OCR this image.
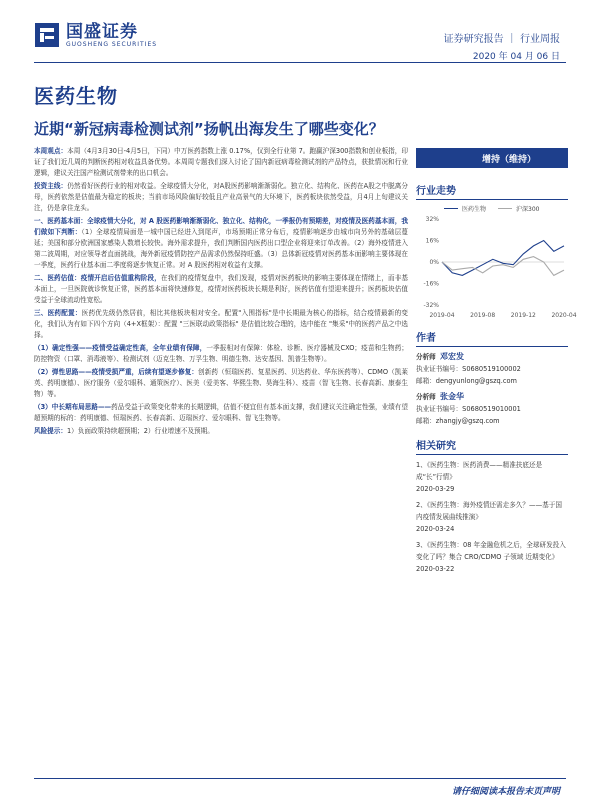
国盛证券
GUOSHENG SECURITIES	证券研究报告 ｜ 行业周报
2020 年 04 月 06 日
医药生物
近期“新冠病毒检测试剂”扬帆出海发生了哪些变化？

本周观点：本周（4月3月30日-4月5日，下同）中万医药指数上涨 0.17%，仅到全行业第 7。跑赢沪深300指数和创业板指，印证了我们近几周的判断医药相对收益具备优势。本周周专题我们深入讨论了国内新冠病毒检测试剂的产品特点，获批情况和行业逻辑，建议关注国产检测试剂带来的出口机会。

投资主线：仍然看好医药行业的相对收益。全球疫情大分化，对A股医药影响渐渐弱化。独立化、结构化、医药在A股之中脱离分母，医药依然是估值最为稳定的板块；当前市场风险偏好较低且产业高景气的大环境下，医药板块依然受益，月4月上旬建议关注，仍是拿住龙头。

一、医药基本面：全球疫情大分化，对 A 股医药影响渐渐弱化、独立化、结构化，一季报仍有预期差，对疫情及医药基本面，我们做如下判断：（1）全球疫情局面是一城中国已经进入到尾声，市场预期正常分布后，疫情影响逐步由城市向另外的基础层蔓延；美国和部分欧洲国家感染人数增长较快。海外需求提升，我们判断国内医药出口型企业将迎来订单改善。（2）海外疫情进入第二波周期，对应领导者直面挑战，海外新冠疫情防控产品需求仍然保持旺盛。（3）总体新冠疫情对医药基本面影响主要体现在一季度，医药行业基本面二季度将逐步恢复正常。对 A 股医药相对收益有支撑。

二、医药估值：疫情开启后估值重构阶段，在我们的疫情复盘中，我们发现，疫情对医药板块的影响主要体现在情绪上，而非基本面上，一旦医院就诊恢复正常，医药基本面将快速修复，疫情对医药板块长期是利好，医药估值有望迎来提升；医药板块估值受益于全球流动性宽松。

三、医药配置：医药优先级仍然居前，相比其他板块相对安全。配置"入围指标"是中长期最为核心的指标，结合疫情最新的变化，我们认为有如下四个方向（4+X框架）：配置 "三医联动政策指标" 是估值比较合理的，选中能在 "集采"中的医药产品之中选择。

（1）确定性强——疫情受益确定性高，全年业绩有保障，一季报相对有保障：体检、诊断、医疗器械及CXO；疫苗和生物药；防控物资（口罩、消毒液等）、检测试剂（迈克生物、万孚生物、明德生物、达安基因、凯普生物等）。

（2）弹性思路——疫情受损严重，后续有望逐步修复：创新药（恒瑞医药、复星医药、贝达药业、华东医药等）、CDMO（凯莱英、药明康德）、医疗服务（爱尔眼科、通策医疗）、医美（爱美客、华熙生物、昊海生科）、疫苗（智飞生物、长春高新、康泰生物）等。

（3）中长期布局思路——药品受益于政策变化带来的长期逻辑，估值不便宜但有基本面支撑，我们建议关注确定性强，业绩有望超预期的标的：药明康德、恒瑞医药、长春高新、迈瑞医疗、爱尔眼科、智飞生物等。

风险提示：1）负面政策持续超预期；2）行业增速不及预期。

增持（维持）
行业走势
医药生物	沪深300
32%
16%
0%
-16%
-32%
2019-04	2019-08	2019-12	2020-04
作者
分析师 邓宏发
执业证书编号：S0680519100002
邮箱：dengyunlong@gszq.com
分析师 张金华
执业证书编号：S0680519010001
邮箱：zhangjy@gszq.com
相关研究
1、《医药生物：医药消费——精准扶底还是成“长”行情》
2020-03-29
2、《医药生物：海外疫情还需走多久？——基于国内疫情发展曲线推演》
2020-03-24
3、《医药生物：08 年金融危机之后，全球研发投入变化了吗？集合 CRO/CDMO 子领域 近期变化》
2020-03-22
请仔细阅读本报告末页声明
